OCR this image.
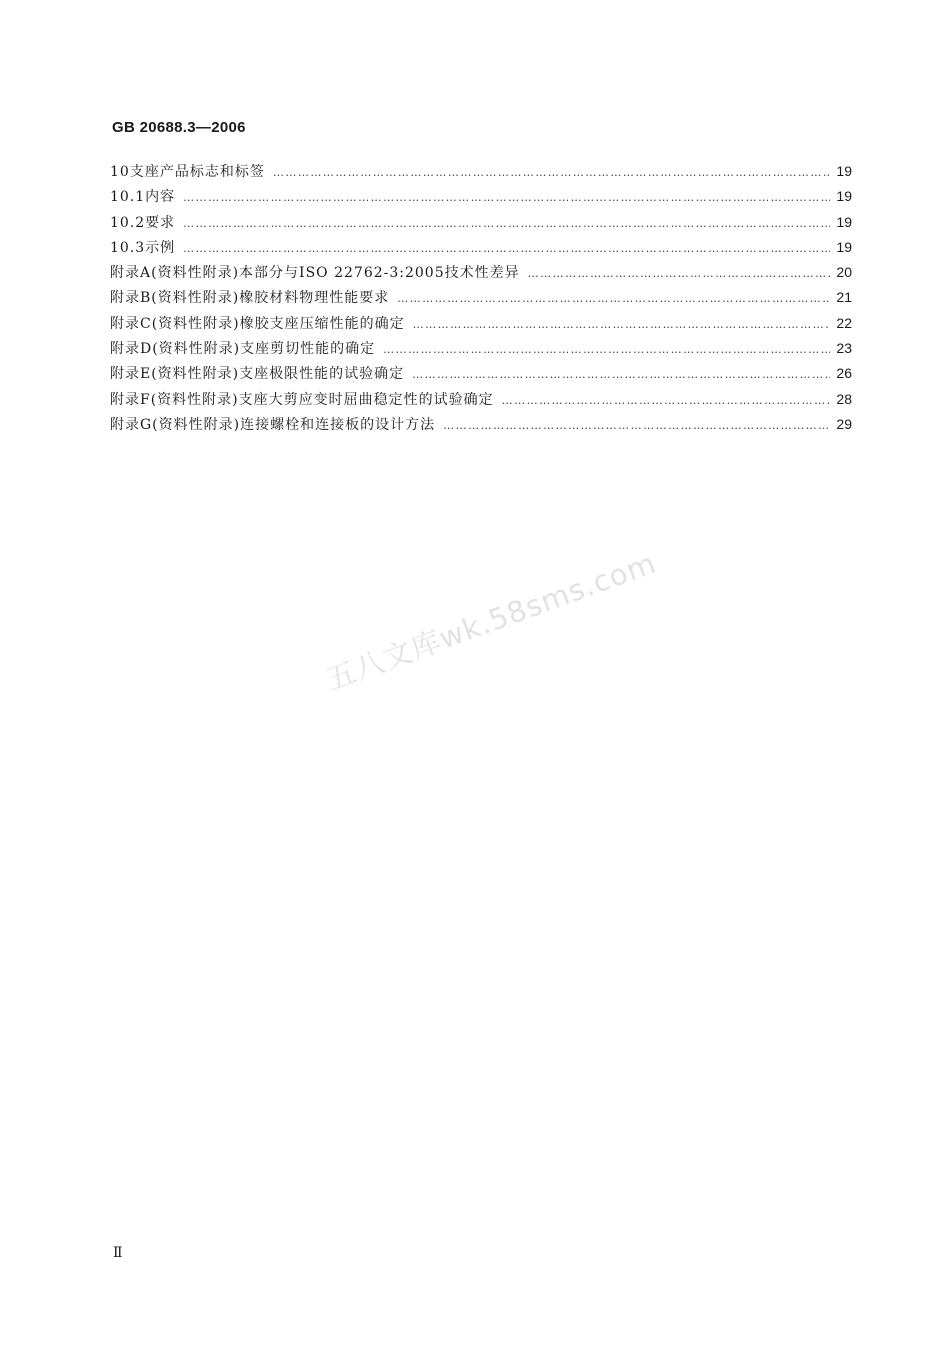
GB 20688.3—2006
10 支座产品标志和标签 ……………………………………………………………………………………………………………………………………………………………………………………………………………………………	19
10.1 内容 ……………………………………………………………………………………………………………………………………………………………………………………………………………………………	19
10.2 要求 ……………………………………………………………………………………………………………………………………………………………………………………………………………………………	19
10.3 示例 ……………………………………………………………………………………………………………………………………………………………………………………………………………………………	19
附录A(资料性附录) 本部分与ISO 22762-3:2005技术性差异 ……………………………………………………………………………………………………………………………………………………………………………………………………………………………	20
附录B(资料性附录) 橡胶材料物理性能要求 ……………………………………………………………………………………………………………………………………………………………………………………………………………………………	21
附录C(资料性附录) 橡胶支座压缩性能的确定 ……………………………………………………………………………………………………………………………………………………………………………………………………………………………	22
附录D(资料性附录) 支座剪切性能的确定 ……………………………………………………………………………………………………………………………………………………………………………………………………………………………	23
附录E(资料性附录) 支座极限性能的试验确定 ……………………………………………………………………………………………………………………………………………………………………………………………………………………………	26
附录F(资料性附录) 支座大剪应变时屈曲稳定性的试验确定 ……………………………………………………………………………………………………………………………………………………………………………………………………………………………	28
附录G(资料性附录) 连接螺栓和连接板的设计方法 ……………………………………………………………………………………………………………………………………………………………………………………………………………………………	29
五八文库wk.58sms.com
Ⅱ
